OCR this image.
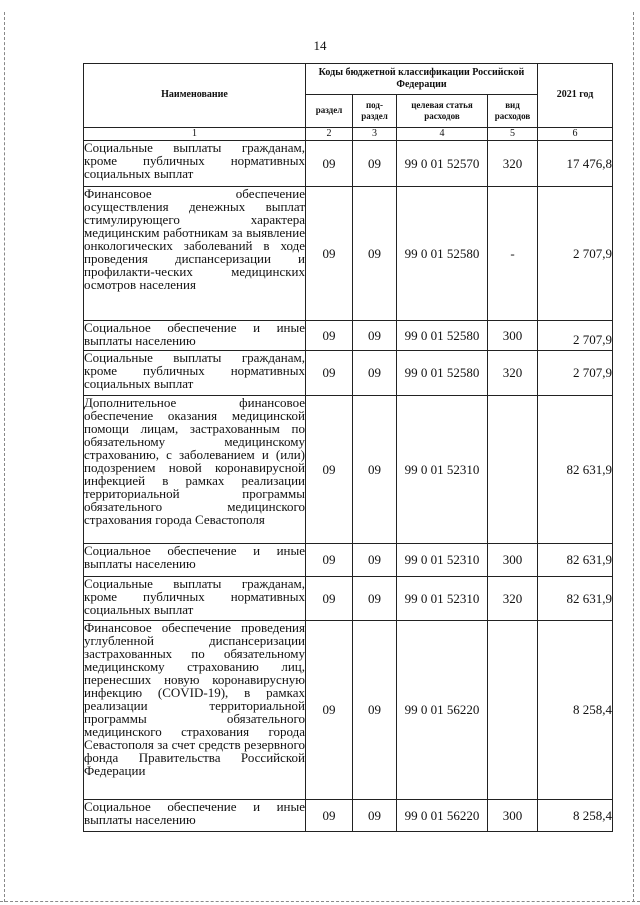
14
Наименование	Коды бюджетной классификации Российской Федерации				2021 год
	раздел	под-раздел	целевая статья расходов	вид расходов	
1	2	3	4	5	6
Социальные выплаты гражданам, кроме публичных нормативных социальных выплат	09	09	99 0 01 52570	320	17 476,8
Финансовое обеспечение осуществления денежных выплат стимулирующего характера медицинским работникам за выявление онкологических заболеваний в ходе проведения диспансеризации и профилакти-ческих медицинских осмотров населения	09	09	99 0 01 52580	-	2 707,9
Социальное обеспечение и иные выплаты населению	09	09	99 0 01 52580	300	2 707,9
Социальные выплаты гражданам, кроме публичных нормативных социальных выплат	09	09	99 0 01 52580	320	2 707,9
Дополнительное финансовое обеспечение оказания медицинской помощи лицам, застрахованным по обязательному медицинскому страхованию, с заболеванием и (или) подозрением новой коронавирусной инфекцией в рамках реализации территориальной программы обязательного медицинского страхования города Севастополя	09	09	99 0 01 52310		82 631,9
Социальное обеспечение и иные выплаты населению	09	09	99 0 01 52310	300	82 631,9
Социальные выплаты гражданам, кроме публичных нормативных социальных выплат	09	09	99 0 01 52310	320	82 631,9
Финансовое обеспечение проведения углубленной диспансеризации застрахованных по обязательному медицинскому страхованию лиц, перенесших новую коронавирусную инфекцию (COVID-19), в рамках реализации территориальной программы обязательного медицинского страхования города Севастополя за счет средств резервного фонда Правительства Российской Федерации	09	09	99 0 01 56220		8 258,4
Социальное обеспечение и иные выплаты населению	09	09	99 0 01 56220	300	8 258,4
